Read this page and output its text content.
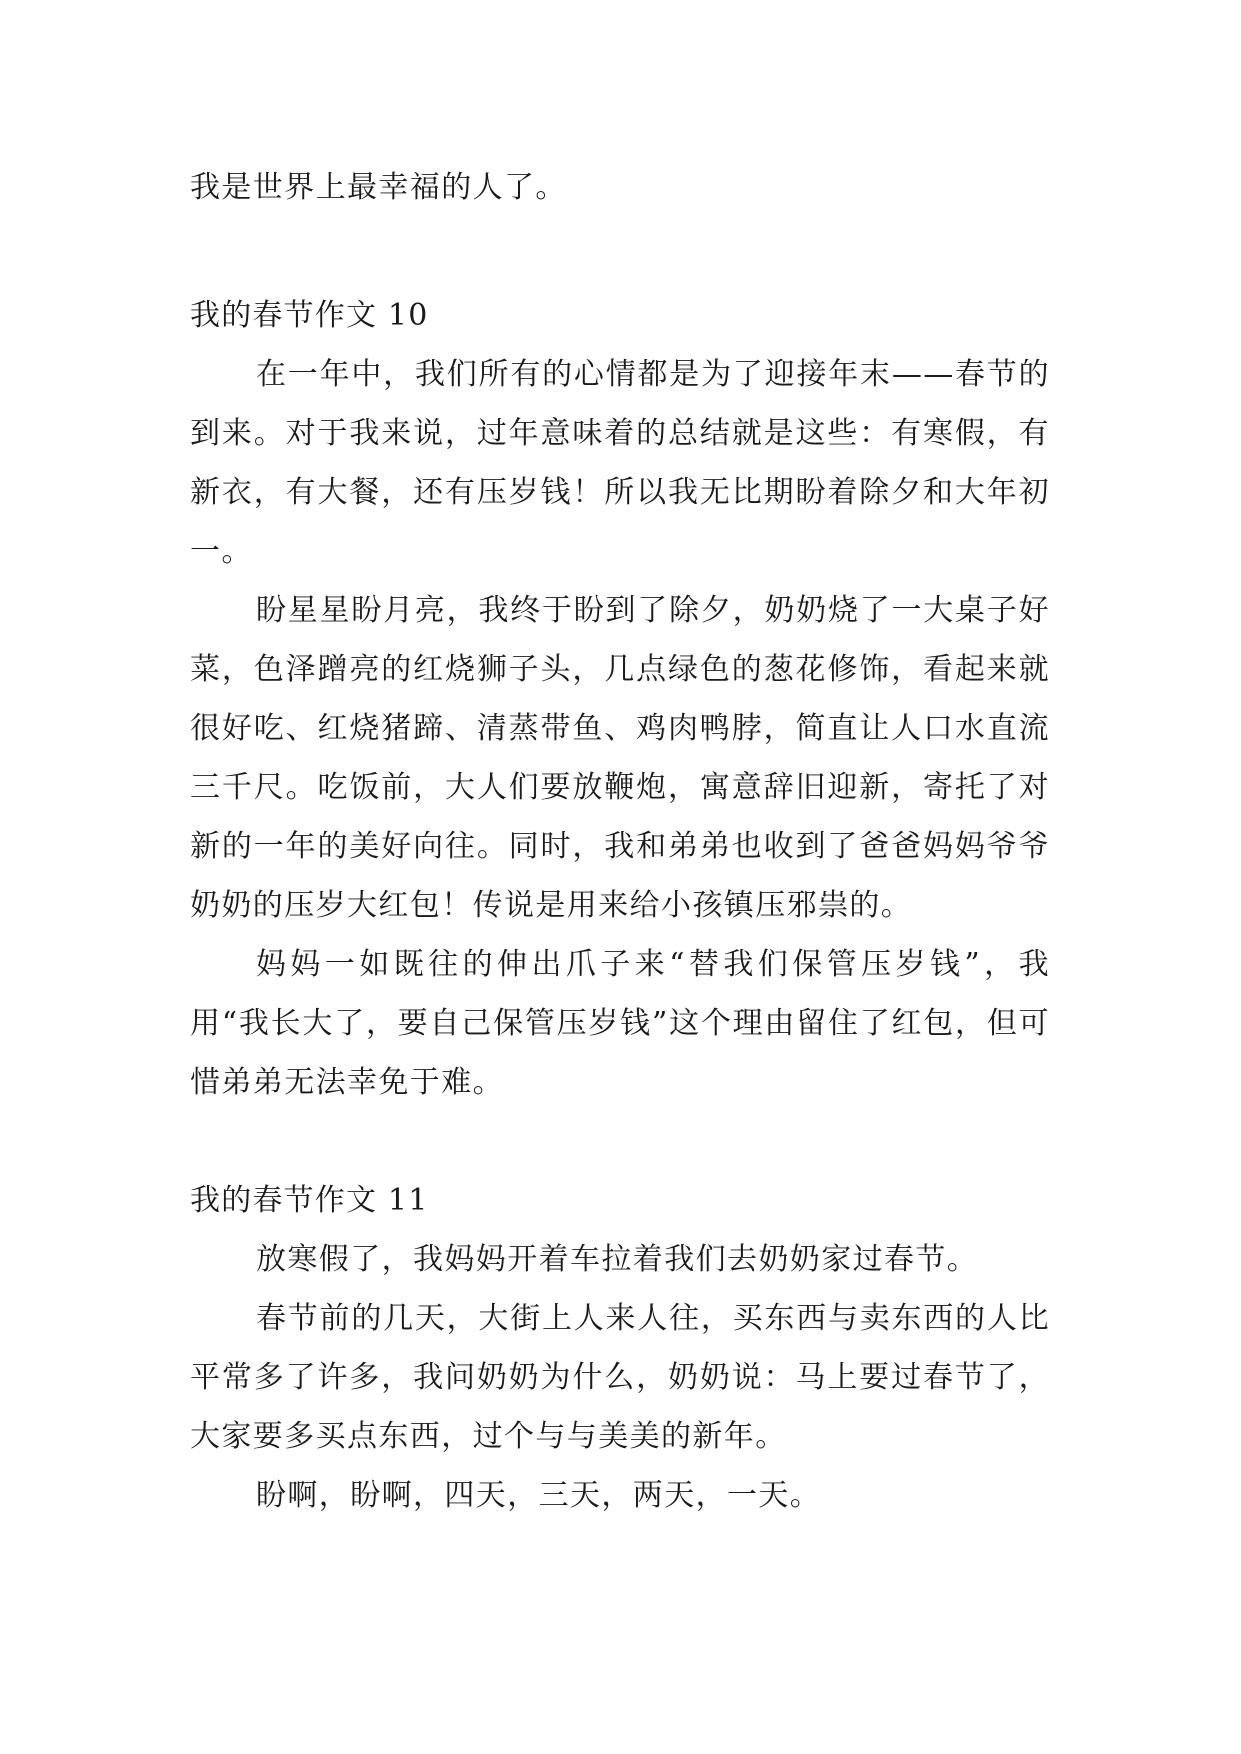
我是世界上最幸福的人了。

我的春节作文 10

在一年中，我们所有的心情都是为了迎接年末——春节的到来。对于我来说，过年意味着的总结就是这些：有寒假，有新衣，有大餐，还有压岁钱！所以我无比期盼着除夕和大年初一。

盼星星盼月亮，我终于盼到了除夕，奶奶烧了一大桌子好菜，色泽蹭亮的红烧狮子头，几点绿色的葱花修饰，看起来就很好吃、红烧猪蹄、清蒸带鱼、鸡肉鸭脖，简直让人口水直流三千尺。吃饭前，大人们要放鞭炮，寓意辞旧迎新，寄托了对新的一年的美好向往。同时，我和弟弟也收到了爸爸妈妈爷爷奶奶的压岁大红包！传说是用来给小孩镇压邪祟的。

妈妈一如既往的伸出爪子来“替我们保管压岁钱”，我用“我长大了，要自己保管压岁钱”这个理由留住了红包，但可惜弟弟无法幸免于难。

我的春节作文 11

放寒假了，我妈妈开着车拉着我们去奶奶家过春节。

春节前的几天，大街上人来人往，买东西与卖东西的人比平常多了许多，我问奶奶为什么，奶奶说：马上要过春节了，大家要多买点东西，过个与与美美的新年。

盼啊，盼啊，四天，三天，两天，一天。
